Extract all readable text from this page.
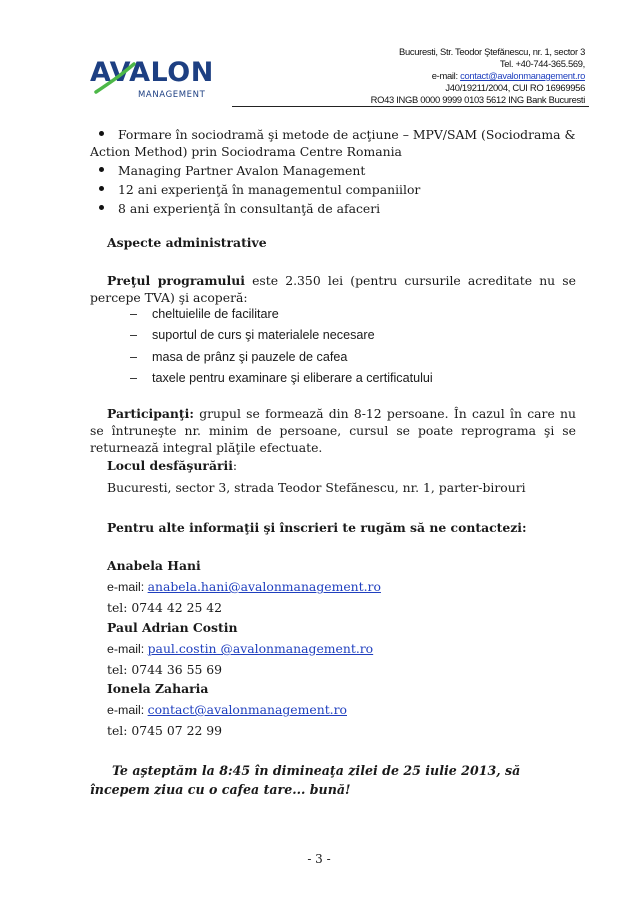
AVALON
MANAGEMENT
Bucuresti, Str. Teodor Ştefănescu, nr. 1, sector 3
Tel. +40-744-365.569,
e-mail: contact@avalonmanagement.ro
J40/19211/2004, CUI RO 16969956
RO43 INGB 0000 9999 0103 5612 ING Bank Bucuresti
Formare în sociodramă şi metode de acţiune – MPV/SAM (Sociodrama &
Action Method) prin Sociodrama Centre Romania
Managing Partner Avalon Management
12 ani experienţă în managementul companiilor
8 ani experienţă în consultanţă de afaceri
Aspecte administrative
Preţul programului este 2.350 lei (pentru cursurile acreditate nu se percepe TVA) şi acoperă:
– cheltuielile de facilitare
– suportul de curs şi materialele necesare
– masa de prânz şi pauzele de cafea
– taxele pentru examinare şi eliberare a certificatului
Participanţi: grupul se formează din 8-12 persoane. În cazul în care nu se întruneşte nr. minim de persoane, cursul se poate reprograma şi se returnează integral plăţile efectuate.
Locul desfăşurării:
Bucuresti, sector 3, strada Teodor Stefănescu, nr. 1, parter-birouri
Pentru alte informaţii şi înscrieri te rugăm să ne contactezi:
Anabela Hani
e-mail: anabela.hani@avalonmanagement.ro
tel: 0744 42 25 42
Paul Adrian Costin
e-mail: paul.costin @avalonmanagement.ro
tel: 0744 36 55 69
Ionela Zaharia
e-mail: contact@avalonmanagement.ro
tel: 0745 07 22 99
Te aşteptăm la 8:45 în dimineaţa zilei de 25 iulie 2013, să începem ziua cu o cafea tare... bună!
- 3 -
